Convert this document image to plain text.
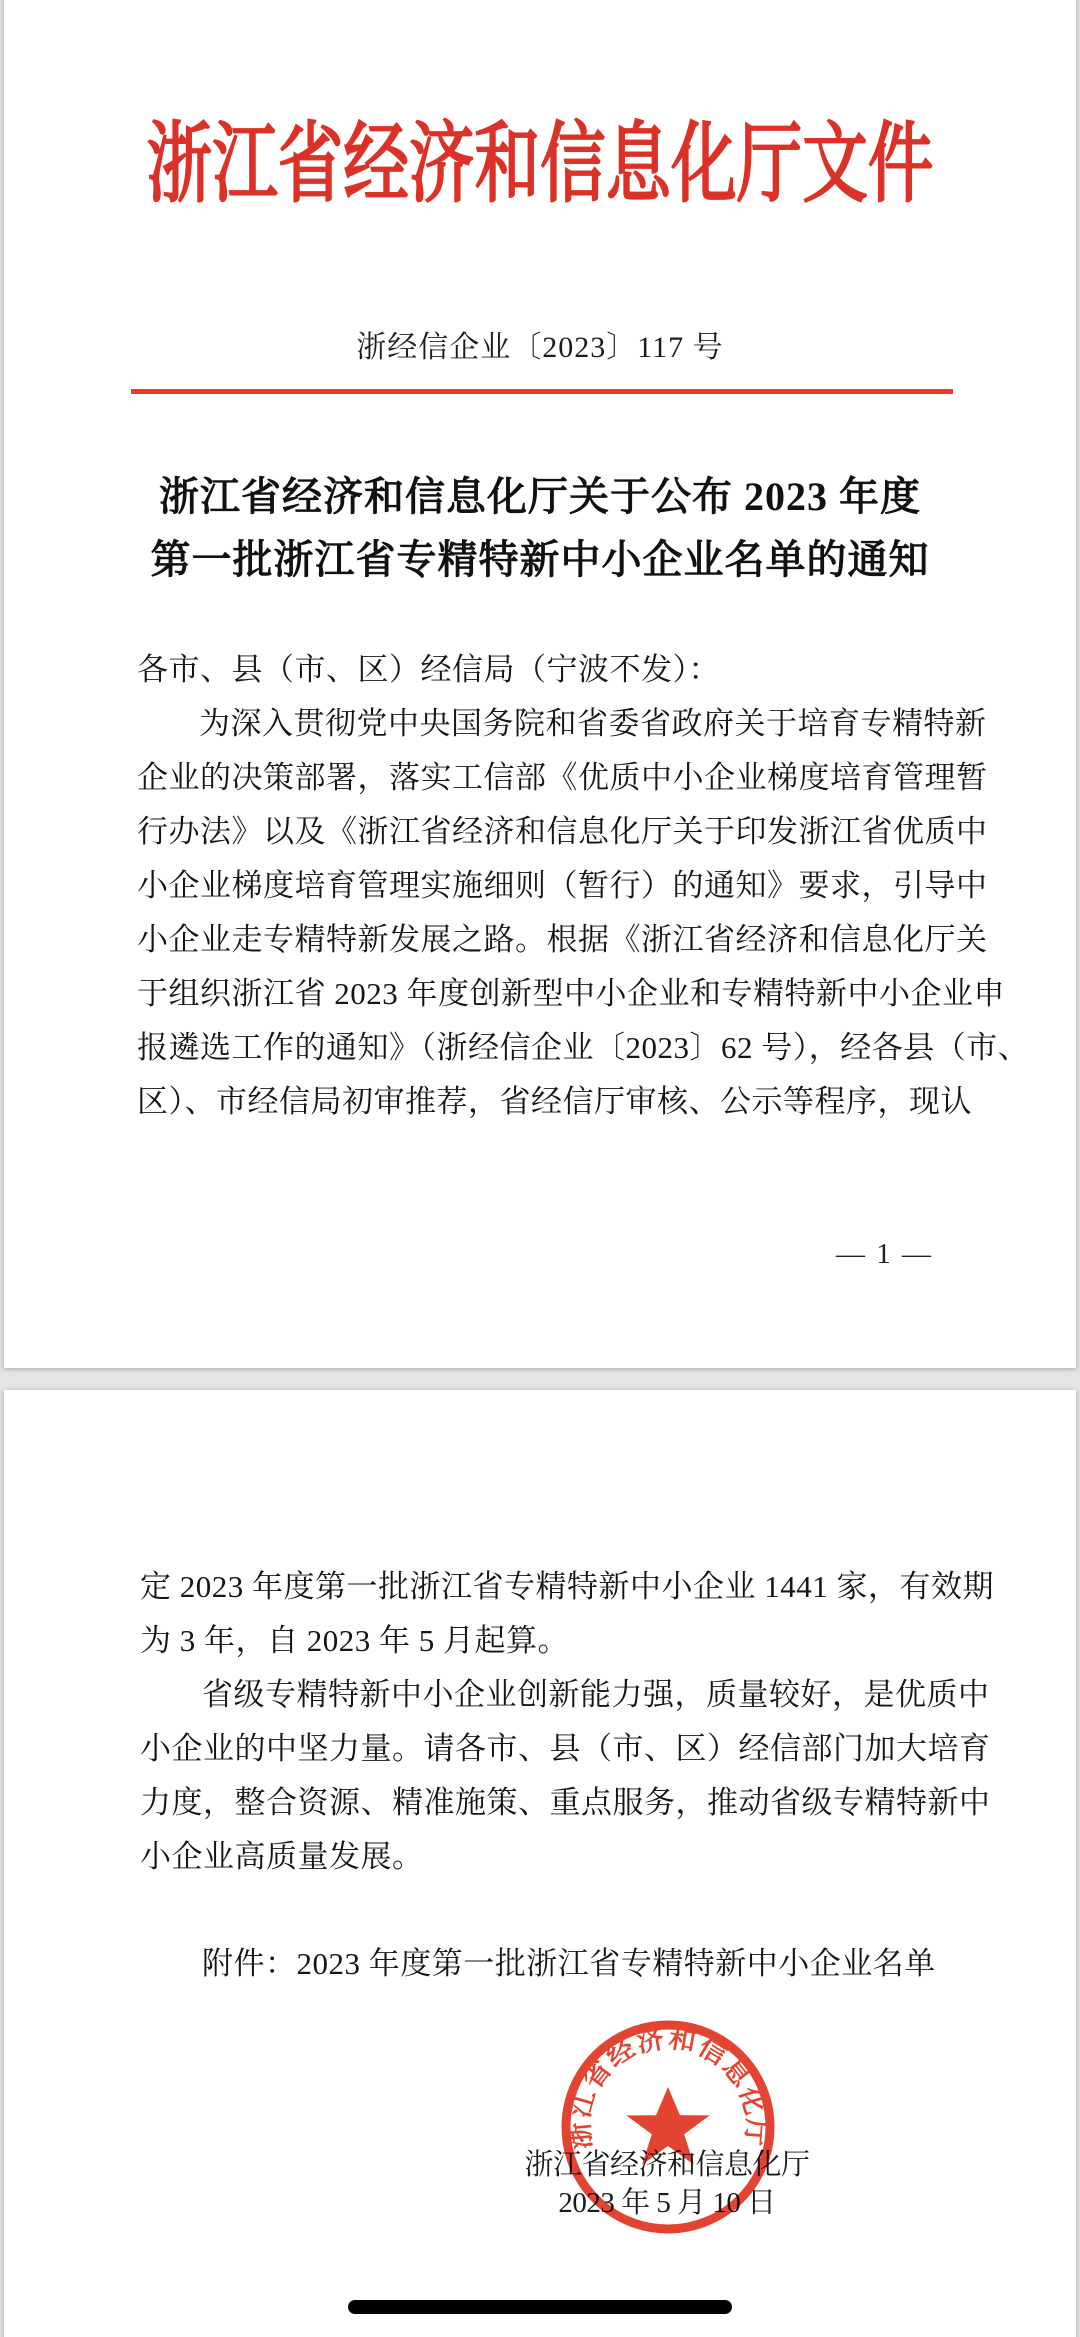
浙江省经济和信息化厅文件
浙经信企业〔2023〕117 号
浙江省经济和信息化厅关于公布 2023 年度
第一批浙江省专精特新中小企业名单的通知
各市、县（市、区）经信局（宁波不发）：
为深入贯彻党中央国务院和省委省政府关于培育专精特新
企业的决策部署，落实工信部《优质中小企业梯度培育管理暂
行办法》以及《浙江省经济和信息化厅关于印发浙江省优质中
小企业梯度培育管理实施细则（暂行）的通知》要求，引导中
小企业走专精特新发展之路。根据《浙江省经济和信息化厅关
于组织浙江省 2023 年度创新型中小企业和专精特新中小企业申
报遴选工作的通知》（浙经信企业〔2023〕62 号），经各县（市、
区）、市经信局初审推荐，省经信厅审核、公示等程序，现认
— 1 —
定 2023 年度第一批浙江省专精特新中小企业 1441 家，有效期
为 3 年，自 2023 年 5 月起算。
省级专精特新中小企业创新能力强，质量较好，是优质中
小企业的中坚力量。请各市、县（市、区）经信部门加大培育
力度，整合资源、精准施策、重点服务，推动省级专精特新中
小企业高质量发展。
附件：2023 年度第一批浙江省专精特新中小企业名单
浙江省经济和信息化厅
2023 年 5 月 10 日
浙江省经济和信息化厅
